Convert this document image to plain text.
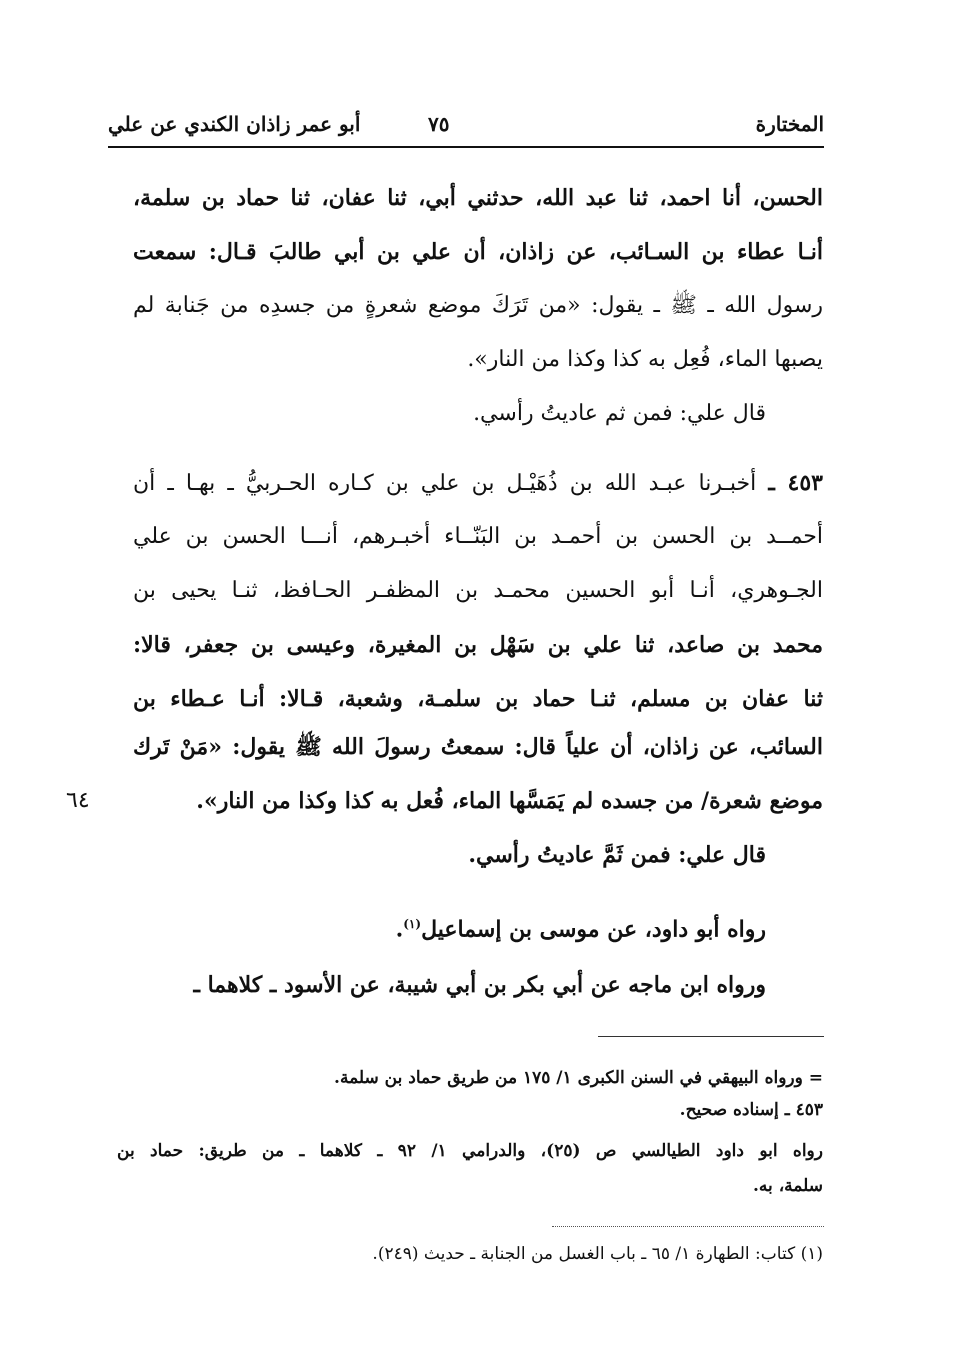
المختارة
٧٥
أبو عمر زاذان الكندي عن علي
الحسن، أنا احمد، ثنا عبد الله، حدثني أبي، ثنا عفان، ثنا حماد بن سلمة،
أنـا عطاء بن السـائب، عن زاذان، أن علي بن أبي طالبَ قـال: سمعت
رسول الله ـ ﷺ ـ يقول: «من تَرَكَ موضع شعرةٍ من جسدِه من جَنابة لم
يصبها الماء، فُعِل به كذا وكذا من النار».
قال علي: فمن ثم عاديتُ رأسي.
٤٥٣ ـ أخبـرنا عبـد الله بن ذُهَيْـل بن علي بن كـاره الحـربيُّ ـ بهـا ـ أن
أحمــد بن الحسن بن أحمـد بن البَنّــاء أخبـرهم، أنـــا الحسن بن علي
الجـوهري، أنـا أبو الحسين محمـد بن المظفـر الحـافظ، ثنـا يحيى بن
محمد بن صاعد، ثنا علي بن سَهْل بن المغيرة، وعيسى بن جعفر، قالا:
ثنا عفان بن مسلم، ثنـا حماد بن سلمـة، وشعبة، قـالا: أنـا عـطاء بن
السائب، عن زاذان، أن علياً قال: سمعتُ رسولَ الله ﷺ يقول: «مَنْ تَرك
موضع شعرة/ من جسده لم يَمَسَّها الماء، فُعل به كذا وكذا من النار».
٦٤
قال علي: فمن ثَمَّ عاديتُ رأسي.
رواه أبو داود، عن موسى بن إسماعيل$^{(١)}$.
ورواه ابن ماجه عن أبي بكر بن أبي شيبة، عن الأسود ـ كلاهما ـ
= ورواه البيهقي في السنن الكبرى ١/ ١٧٥ من طريق حماد بن سلمة.
٤٥٣ ـ إسناده صحيح.
رواه ابو داود الطيالسي ص (٢٥)، والدرامي ١/ ٩٢ ـ كلاهما ـ من طريق: حماد بن
سلمة، به.
(١) كتاب: الطهارة ١/ ٦٥ ـ باب الغسل من الجنابة ـ حديث (٢٤٩).
